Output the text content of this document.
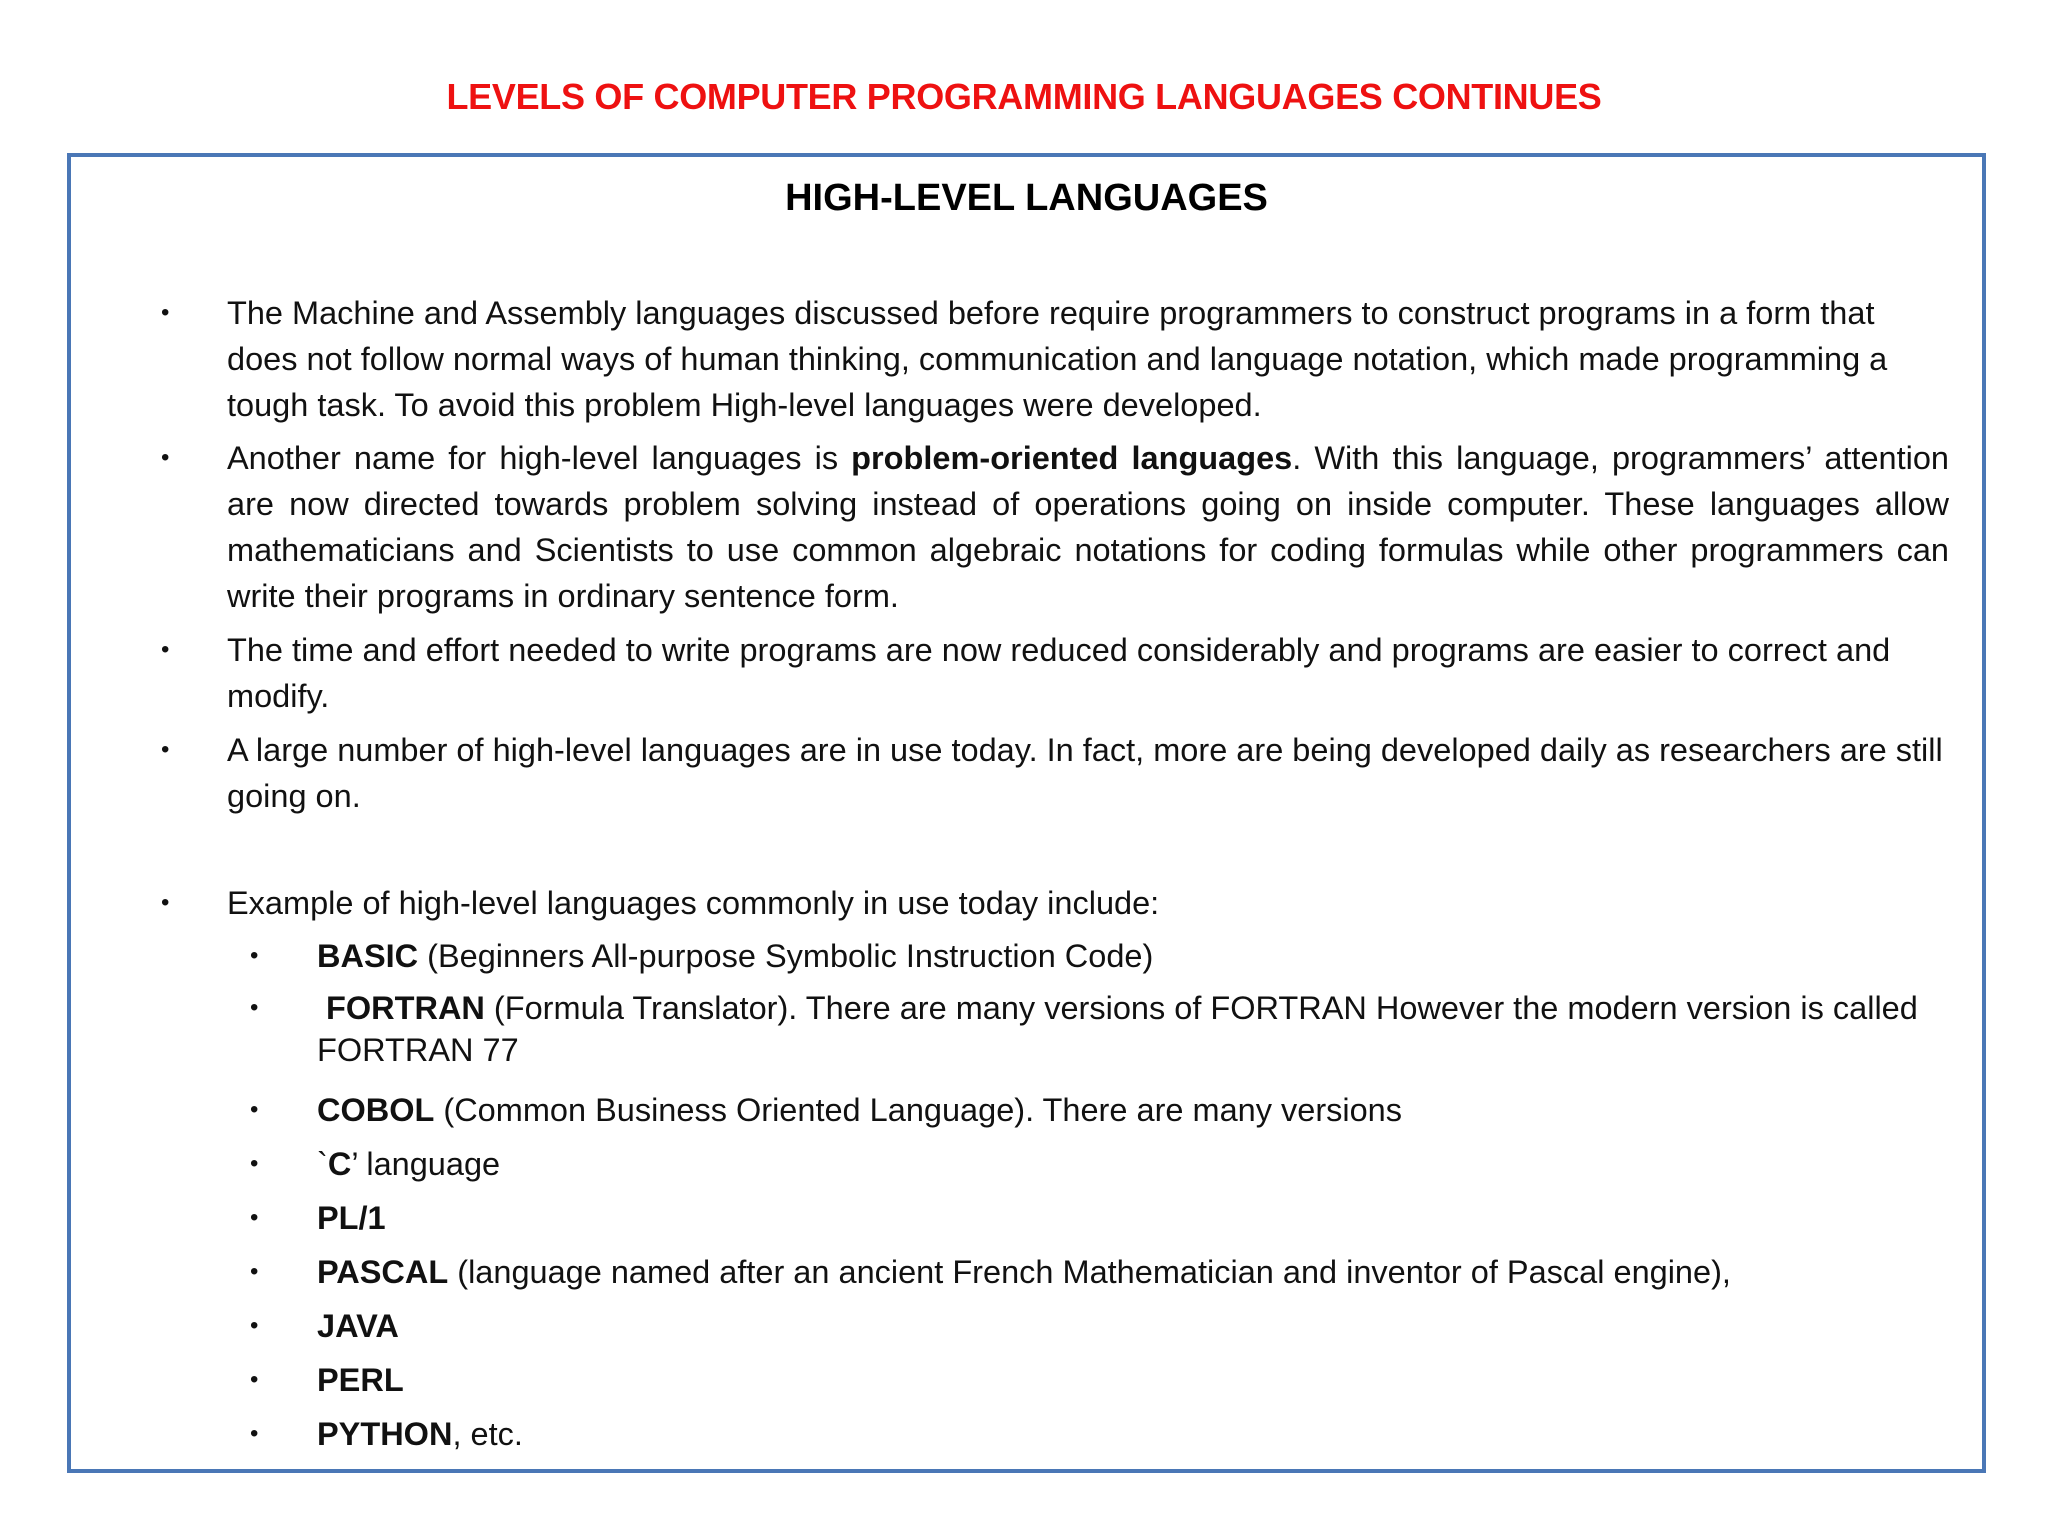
LEVELS OF COMPUTER PROGRAMMING LANGUAGES CONTINUES
HIGH-LEVEL LANGUAGES
• The Machine and Assembly languages discussed before require programmers to construct programs in a form that does not follow normal ways of human thinking, communication and language notation, which made programming a tough task. To avoid this problem High-level languages were developed.
• Another name for high-level languages is problem-oriented languages. With this language, programmers’ attention are now directed towards problem solving instead of operations going on inside computer. These languages allow mathematicians and Scientists to use common algebraic notations for coding formulas while other programmers can write their programs in ordinary sentence form.
• The time and effort needed to write programs are now reduced considerably and programs are easier to correct and modify.
• A large number of high-level languages are in use today. In fact, more are being developed daily as researchers are still going on.
• Example of high-level languages commonly in use today include:
• BASIC (Beginners All-purpose Symbolic Instruction Code)
• FORTRAN (Formula Translator). There are many versions of FORTRAN However the modern version is called FORTRAN 77
• COBOL (Common Business Oriented Language). There are many versions
• `C’ language
• PL/1
• PASCAL (language named after an ancient French Mathematician and inventor of Pascal engine),
• JAVA
• PERL
• PYTHON, etc.
